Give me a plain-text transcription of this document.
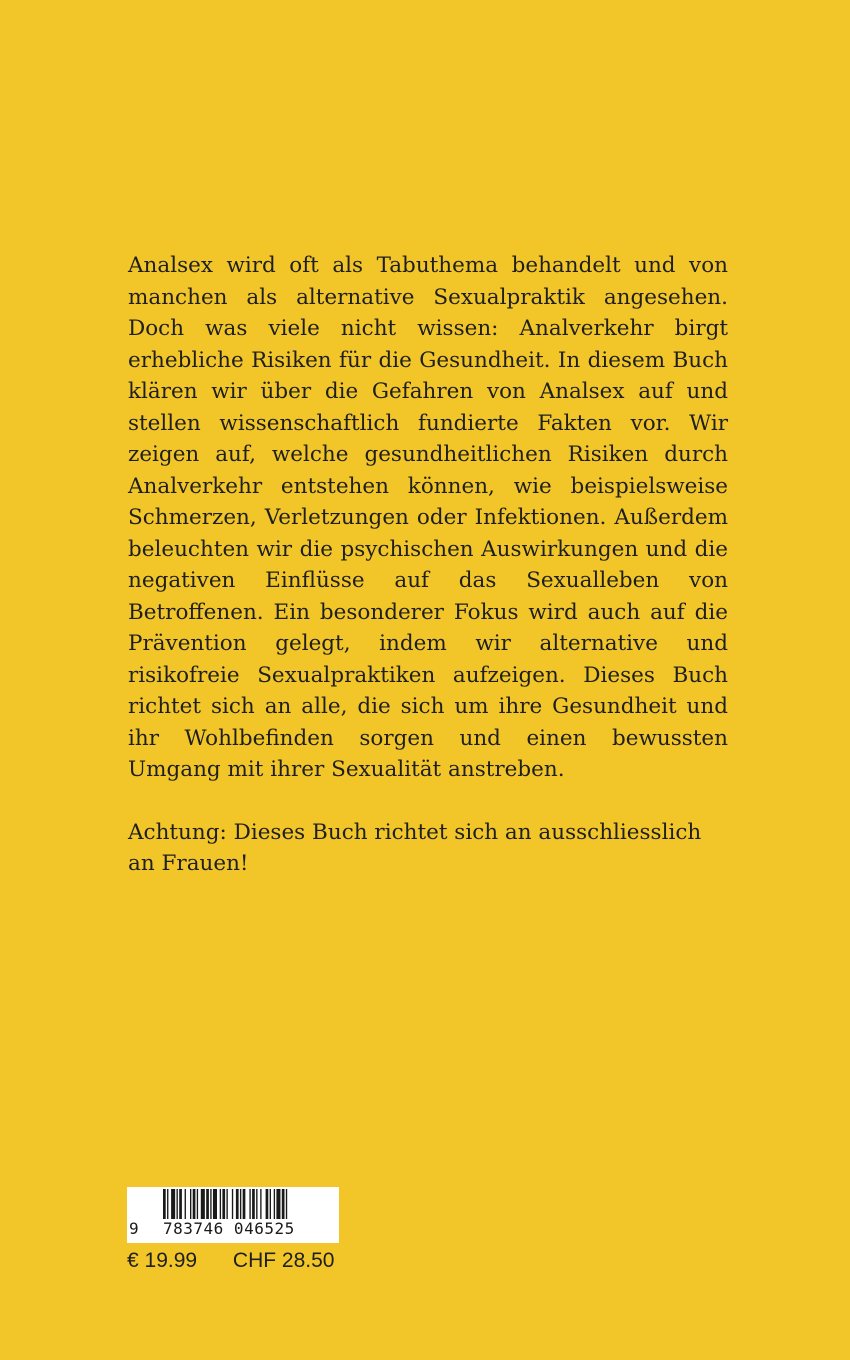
Analsex wird oft als Tabuthema behandelt und von manchen als alternative Sexualpraktik angesehen. Doch was viele nicht wissen: Analverkehr birgt erhebliche Risiken für die Gesundheit. In diesem Buch klären wir über die Gefahren von Analsex auf und stellen wissenschaftlich fundierte Fakten vor. Wir zeigen auf, welche gesundheitlichen Risiken durch Analverkehr entstehen können, wie beispielsweise Schmerzen, Verletzungen oder Infektionen. Außerdem beleuchten wir die psychischen Auswirkungen und die negativen Einflüsse auf das Sexualleben von Betroffenen. Ein besonderer Fokus wird auch auf die Prävention gelegt, indem wir alternative und risikofreie Sexualpraktiken aufzeigen. Dieses Buch richtet sich an alle, die sich um ihre Gesundheit und ihr Wohlbefinden sorgen und einen bewussten Umgang mit ihrer Sexualität anstreben.

Achtung: Dieses Buch richtet sich an ausschliesslich an Frauen!

9 783746 046525
€ 19.99 CHF 28.50
